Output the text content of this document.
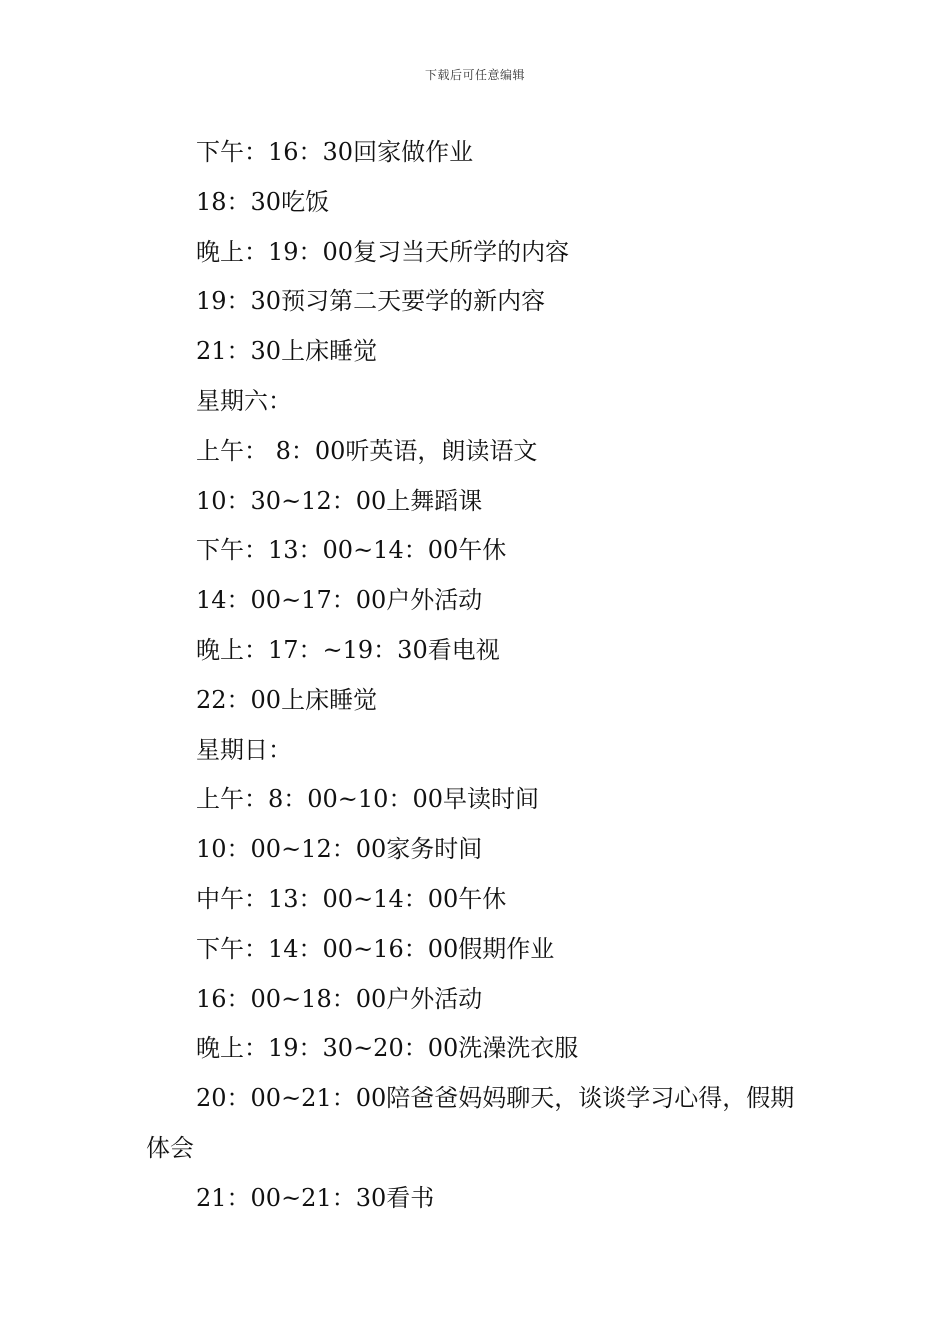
下载后可任意编辑

下午：16：30回家做作业

18：30吃饭

晚上：19：00复习当天所学的内容

19：30预习第二天要学的新内容

21：30上床睡觉

星期六：

上午： 8：00听英语，朗读语文

10：30~12：00上舞蹈课

下午：13：00~14：00午休

14：00~17：00户外活动

晚上：17：~19：30看电视

22：00上床睡觉

星期日：

上午：8：00~10：00早读时间

10：00~12：00家务时间

中午：13：00~14：00午休

下午：14：00~16：00假期作业

16：00~18：00户外活动

晚上：19：30~20：00洗澡洗衣服

20：00~21：00陪爸爸妈妈聊天，谈谈学习心得，假期体会

21：00~21：30看书
